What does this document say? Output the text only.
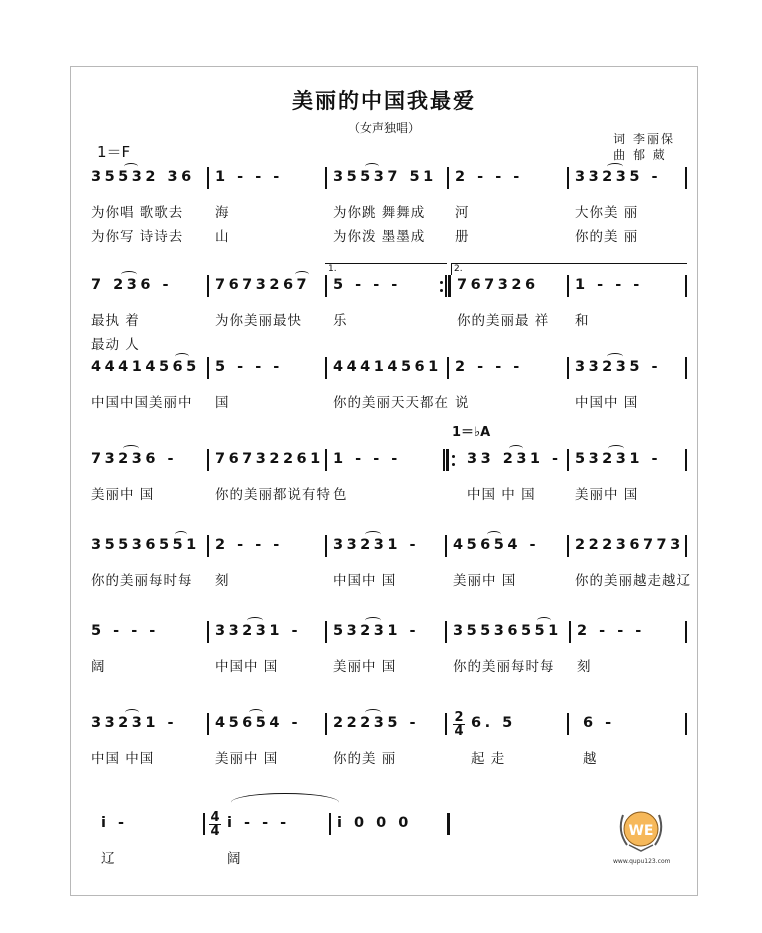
美丽的中国我最爱
（女声独唱）
1＝F
词 李丽保
曲 郁 葳
35532 36
为你唱 歌歌去
为你写 诗诗去
1 - - -
海
山
35537 51
为你跳 舞舞成
为你泼 墨墨成
2 - - -
河
册
33235 -
大你美 丽
你的美 丽
7 236 -
最执 着
最动 人
7673267
为你美丽最快
1.
5 - - -
乐
2.
767326
你的美丽最 祥
1 - - -
和
44414565
中国中国美丽中
5 - - -
国
44414561
你的美丽天天都在
2 - - -
说
33235 -
中国中 国
73236 -
美丽中 国
76732261
你的美丽都说有特
1 - - -
色
1＝♭A
33 231 -
中国 中 国
53231 -
美丽中 国
35536551
你的美丽每时每
2 - - -
刻
33231 -
中国中 国
45654 -
美丽中 国
22236773
你的美丽越走越辽
5 - - -
阔
33231 -
中国中 国
53231 -
美丽中 国
35536551
你的美丽每时每
2 - - -
刻
33231 -
中国 中国
45654 -
美丽中 国
22235 -
你的美 丽
$\frac{2}{4} 6$. 5
起 走
6 -
越
i -
辽
$\frac{4}{4}$ i - - -
阔
i 0 0 0	WE
www.qupu123.com
